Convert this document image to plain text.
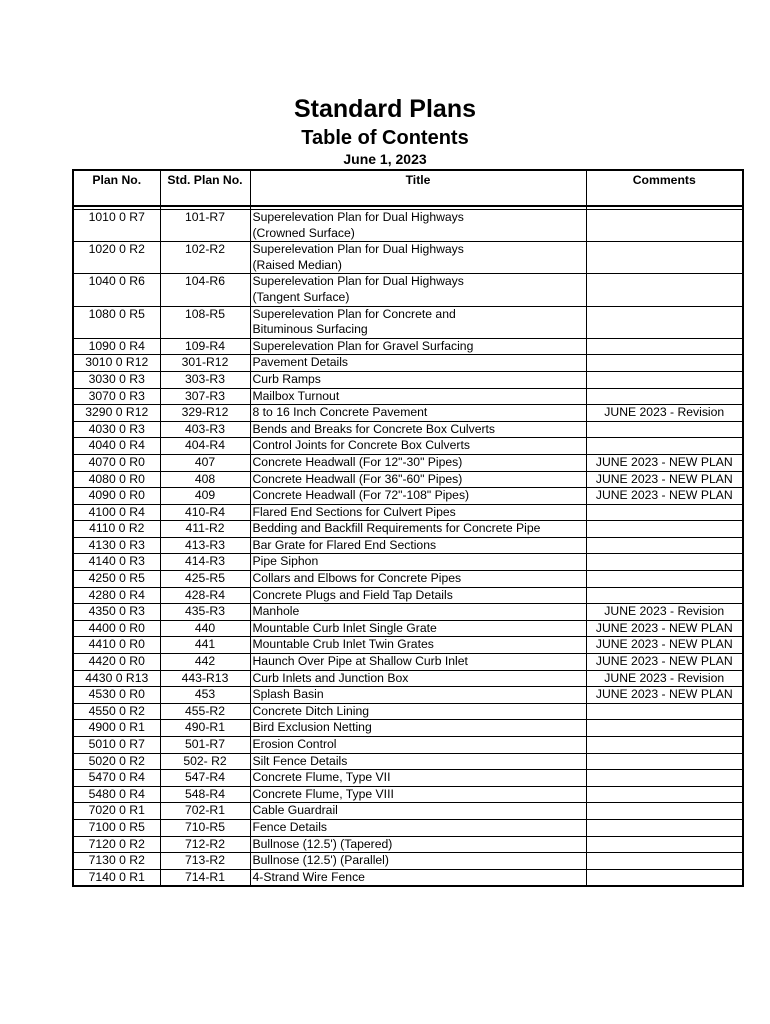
Standard Plans
Table of Contents
June 1, 2023
Plan No.	Std. Plan No.	Title	Comments

1010 0 R7	101-R7	Superelevation Plan for Dual Highways
(Crowned Surface)	
1020 0 R2	102-R2	Superelevation Plan for Dual Highways
(Raised Median)	
1040 0 R6	104-R6	Superelevation Plan for Dual Highways
(Tangent Surface)	
1080 0 R5	108-R5	Superelevation Plan for Concrete and
Bituminous Surfacing	
1090 0 R4	109-R4	Superelevation Plan for Gravel Surfacing	
3010 0 R12	301-R12	Pavement Details	
3030 0 R3	303-R3	Curb Ramps	
3070 0 R3	307-R3	Mailbox Turnout	
3290 0 R12	329-R12	8 to 16 Inch Concrete Pavement	JUNE 2023 - Revision
4030 0 R3	403-R3	Bends and Breaks for Concrete Box Culverts	
4040 0 R4	404-R4	Control Joints for Concrete Box Culverts	
4070 0 R0	407	Concrete Headwall (For 12"-30" Pipes)	JUNE 2023 - NEW PLAN
4080 0 R0	408	Concrete Headwall (For 36"-60" Pipes)	JUNE 2023 - NEW PLAN
4090 0 R0	409	Concrete Headwall (For 72"-108" Pipes)	JUNE 2023 - NEW PLAN
4100 0 R4	410-R4	Flared End Sections for Culvert Pipes	
4110 0 R2	411-R2	Bedding and Backfill Requirements for Concrete Pipe	
4130 0 R3	413-R3	Bar Grate for Flared End Sections	
4140 0 R3	414-R3	Pipe Siphon	
4250 0 R5	425-R5	Collars and Elbows for Concrete Pipes	
4280 0 R4	428-R4	Concrete Plugs and Field Tap Details	
4350 0 R3	435-R3	Manhole	JUNE 2023 - Revision
4400 0 R0	440	Mountable Curb Inlet Single Grate	JUNE 2023 - NEW PLAN
4410 0 R0	441	Mountable Crub Inlet Twin Grates	JUNE 2023 - NEW PLAN
4420 0 R0	442	Haunch Over Pipe at Shallow Curb Inlet	JUNE 2023 - NEW PLAN
4430 0 R13	443-R13	Curb Inlets and Junction Box	JUNE 2023 - Revision
4530 0 R0	453	Splash Basin	JUNE 2023 - NEW PLAN
4550 0 R2	455-R2	Concrete Ditch Lining	
4900 0 R1	490-R1	Bird Exclusion Netting	
5010 0 R7	501-R7	Erosion Control	
5020 0 R2	502- R2	Silt Fence Details	
5470 0 R4	547-R4	Concrete Flume, Type VII	
5480 0 R4	548-R4	Concrete Flume, Type VIII	
7020 0 R1	702-R1	Cable Guardrail	
7100 0 R5	710-R5	Fence Details	
7120 0 R2	712-R2	Bullnose (12.5') (Tapered)	
7130 0 R2	713-R2	Bullnose (12.5') (Parallel)	
7140 0 R1	714-R1	4-Strand Wire Fence	
